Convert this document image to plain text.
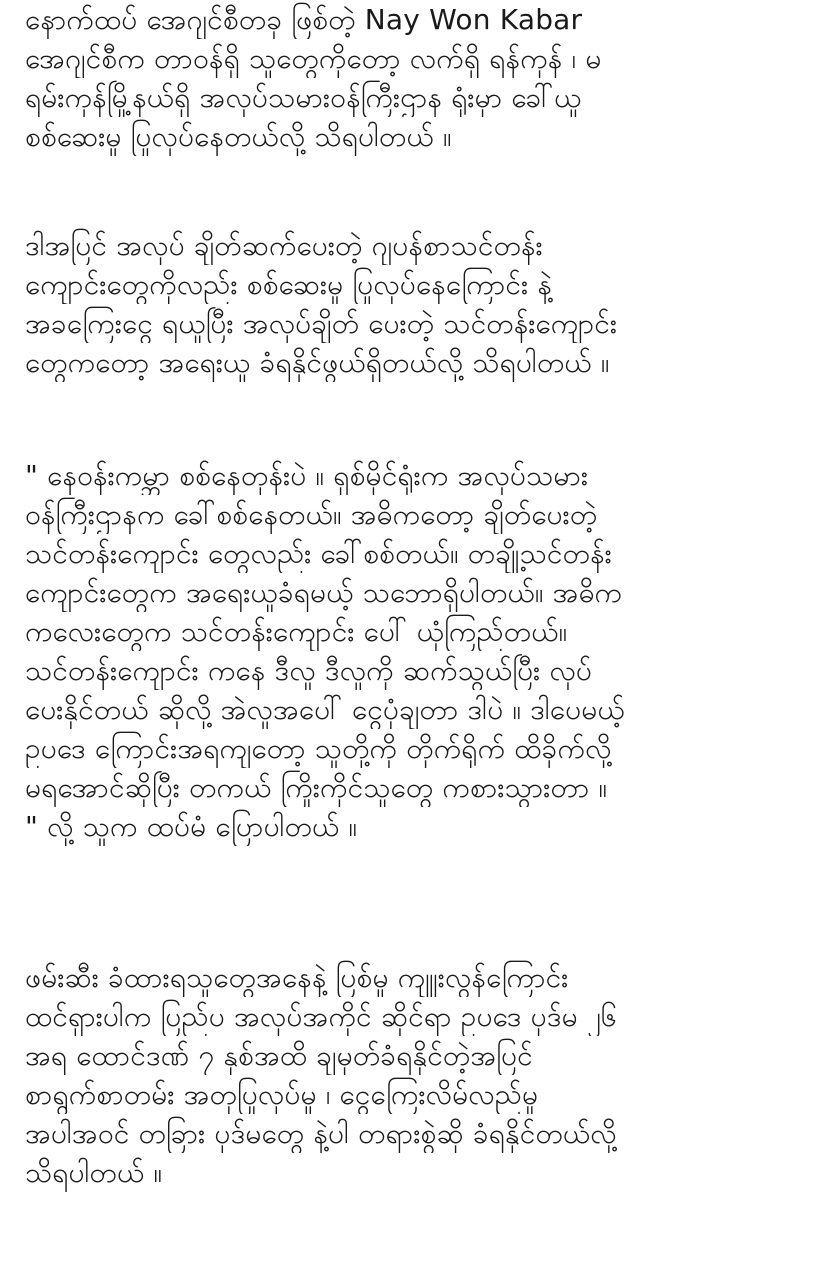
နောက်ထပ် အေဂျင်စီတခု ဖြစ်တဲ့ Nay Won Kabar
အေဂျင်စီက တာဝန်ရှိ သူတွေကိုတော့ လက်ရှိ ရန်ကုန် ၊ မ
ရမ်းကုန်မြို့နယ်ရှိ အလုပ်သမားဝန်ကြီးဌာန ရုံးမှာ ခေါ်ယူ
စစ်ဆေးမှု ပြုလုပ်နေတယ်လို့ သိရပါတယ် ။
ဒါအပြင် အလုပ် ချိတ်ဆက်ပေးတဲ့ ဂျပန်စာသင်တန်း
ကျောင်းတွေကိုလည်း စစ်ဆေးမှု ပြုလုပ်နေကြောင်း နဲ့
အခကြေးငွေ ရယူပြီး အလုပ်ချိတ် ပေးတဲ့ သင်တန်းကျောင်း
တွေကတော့ အရေးယူ ခံရနိုင်ဖွယ်ရှိတယ်လို့ သိရပါတယ် ။
" နေဝန်းကမ္ဘာ စစ်နေတုန်းပဲ ။ ရှစ်မိုင်ရုံးက အလုပ်သမား
ဝန်ကြီးဌာနက ခေါ်စစ်နေတယ်။ အဓိကတော့ ချိတ်ပေးတဲ့
သင်တန်းကျောင်း တွေလည်း ခေါ်စစ်တယ်။ တချို့သင်တန်း
ကျောင်းတွေက အရေးယူခံရမယ့် သဘောရှိပါတယ်။ အဓိက
ကလေးတွေက သင်တန်းကျောင်း ပေါ် ယုံကြည်တယ်။
သင်တန်းကျောင်း ကနေ ဒီလူ ဒီလူကို ဆက်သွယ်ပြီး လုပ်
ပေးနိုင်တယ် ဆိုလို့ အဲလူအပေါ် ငွေပုံချတာ ဒါပဲ ။ ဒါပေမယ့်
ဥပဒေ ကြောင်းအရကျတော့ သူတို့ကို တိုက်ရိုက် ထိခိုက်လို့
မရအောင်ဆိုပြီး တကယ် ကြိုးကိုင်သူတွေ ကစားသွားတာ ။
" လို့ သူက ထပ်မံ ပြောပါတယ် ။
ဖမ်းဆီး ခံထားရသူတွေအနေနဲ့ ပြစ်မှု ကျူးလွန်ကြောင်း
ထင်ရှားပါက ပြည်ပ အလုပ်အကိုင် ဆိုင်ရာ ဥပဒေ ပုဒ်မ ၂၆
အရ ထောင်ဒဏ် ၇ နှစ်အထိ ချမှတ်ခံရနိုင်တဲ့အပြင်
စာရွက်စာတမ်း အတုပြုလုပ်မှု ၊ ငွေကြေးလိမ်လည်မှု
အပါအဝင် တခြား ပုဒ်မတွေ နဲ့ပါ တရားစွဲဆို ခံရနိုင်တယ်လို့
သိရပါတယ် ။
